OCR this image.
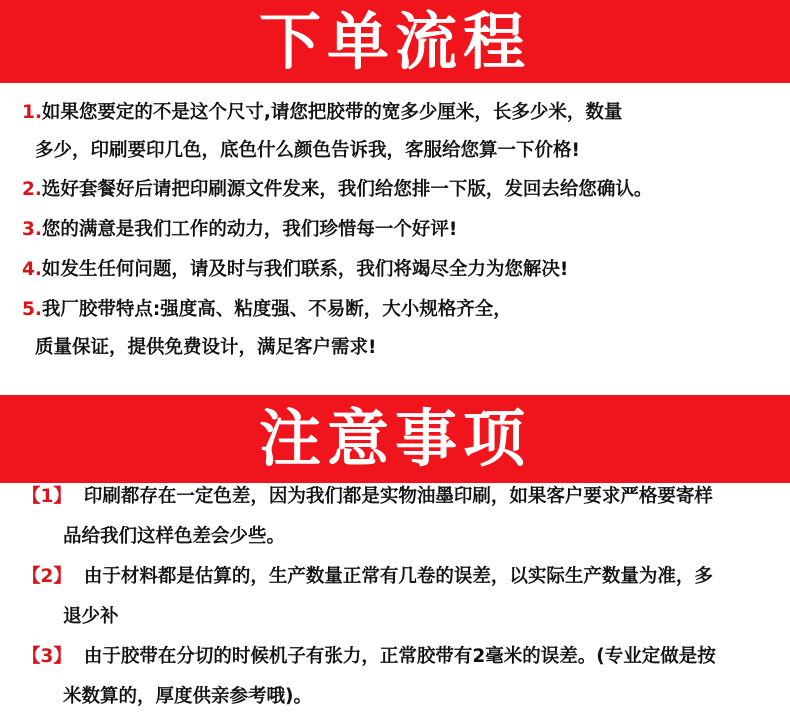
下单流程
1.如果您要定的不是这个尺寸,请您把胶带的宽多少厘米，长多少米，数量
多少，印刷要印几色，底色什么颜色告诉我，客服给您算一下价格!
2.选好套餐好后请把印刷源文件发来，我们给您排一下版，发回去给您确认。
3.您的满意是我们工作的动力，我们珍惜每一个好评!
4.如发生任何问题，请及时与我们联系，我们将竭尽全力为您解决!
5.我厂胶带特点:强度高、粘度强、不易断，大小规格齐全，
质量保证，提供免费设计，满足客户需求!
注意事项
【1】 印刷都存在一定色差，因为我们都是实物油墨印刷，如果客户要求严格要寄样
品给我们这样色差会少些。
【2】 由于材料都是估算的，生产数量正常有几卷的误差，以实际生产数量为准，多
退少补
【3】 由于胶带在分切的时候机子有张力，正常胶带有2毫米的误差。(专业定做是按
米数算的，厚度供亲参考哦)。
